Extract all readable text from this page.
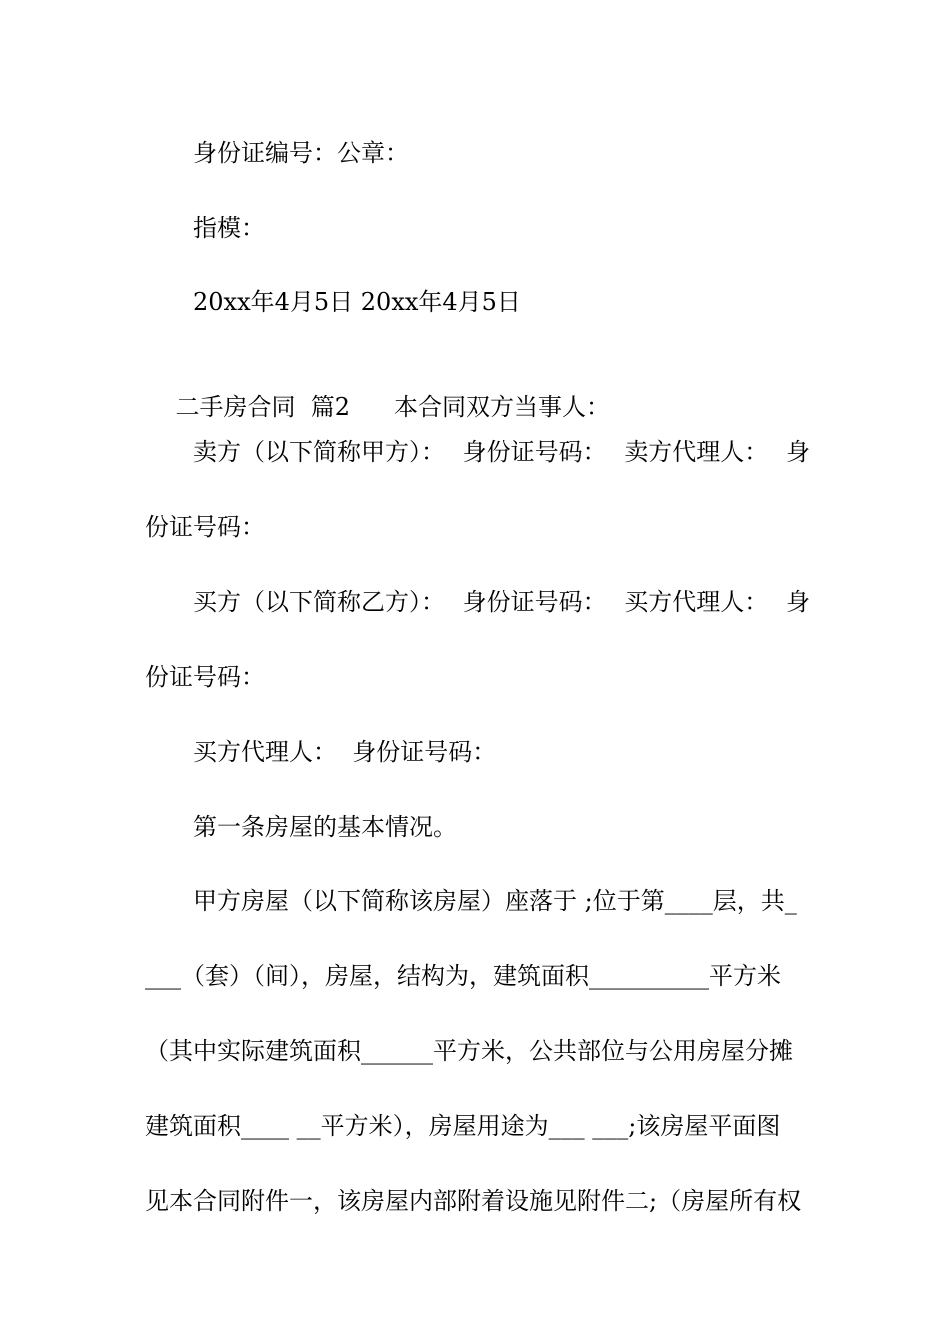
身份证编号：公章：
指模：
20xx年4月5日 20xx年4月5日

二手房合同  篇2 本合同双方当事人：

卖方（以下简称甲方）： 身份证号码： 卖方代理人： 身
份证号码：
买方（以下简称乙方）： 身份证号码： 买方代理人： 身
份证号码：
买方代理人：  身份证号码：
第一条房屋的基本情况。
甲方房屋（以下简称该房屋）座落于 ;位于第____层，共_
___（套）（间），房屋，结构为，建筑面积__________平方米
（其中实际建筑面积______平方米，公共部位与公用房屋分摊
建筑面积____ __平方米），房屋用途为___ ___;该房屋平面图
见本合同附件一，该房屋内部附着设施见附件二;（房屋所有权
